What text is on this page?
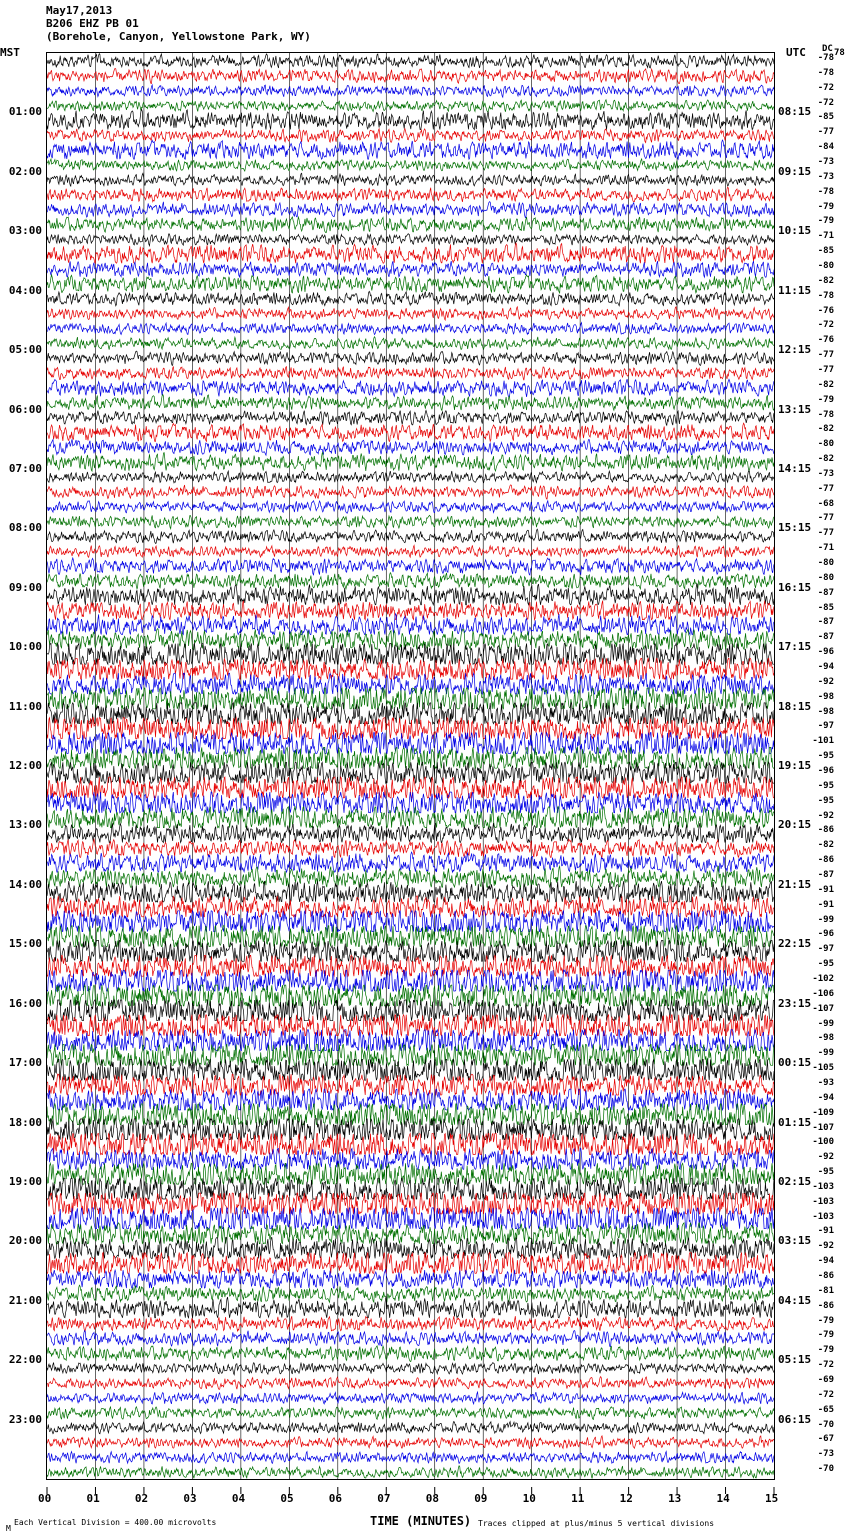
May17,2013
B206 EHZ PB 01
(Borehole, Canyon, Yellowstone Park, WY)
MST	UTC DC 78
-78
-78
-72
-72
01:00	08:15 -85
-77
-84
-73
02:00	09:15 -73
-78
-79
-79
03:00	10:15 -71
-85
-80
-82
04:00	11:15 -78
-76
-72
-76
05:00	12:15 -77
-77
-82
-79
06:00	13:15 -78
-82
-80
-82
07:00	14:15 -73
-77
-68
-77
08:00	15:15 -77
-71
-80
-80
09:00	16:15 -87
-85
-87
-87
10:00	17:15 -96
-94
-92
-98
11:00	18:15 -98
-97
-101
-95
12:00	19:15 -96
-95
-95
-92
13:00	20:15 -86
-82
-86
-87
14:00	21:15 -91
-91
-99
-96
15:00	22:15 -97
-95
-102
-106
16:00	23:15 -107
-99
-98
-99
17:00	00:15 -105
-93
-94
-109
18:00	01:15 -107
-100
-92
-95
19:00	02:15 -103
-103
-103
-91
20:00	03:15 -92
-94
-86
-81
21:00	04:15 -86
-79
-79
-79
22:00	05:15 -72
-69
-72
-65
23:00	06:15 -70
-67
-73
-70
00	01	02	03	04	05	06	07	08	09	10	11	12	13	14	15
Each Vertical Division = 400.00 microvolts
M
TIME (MINUTES) Traces clipped at plus/minus 5 vertical divisions
